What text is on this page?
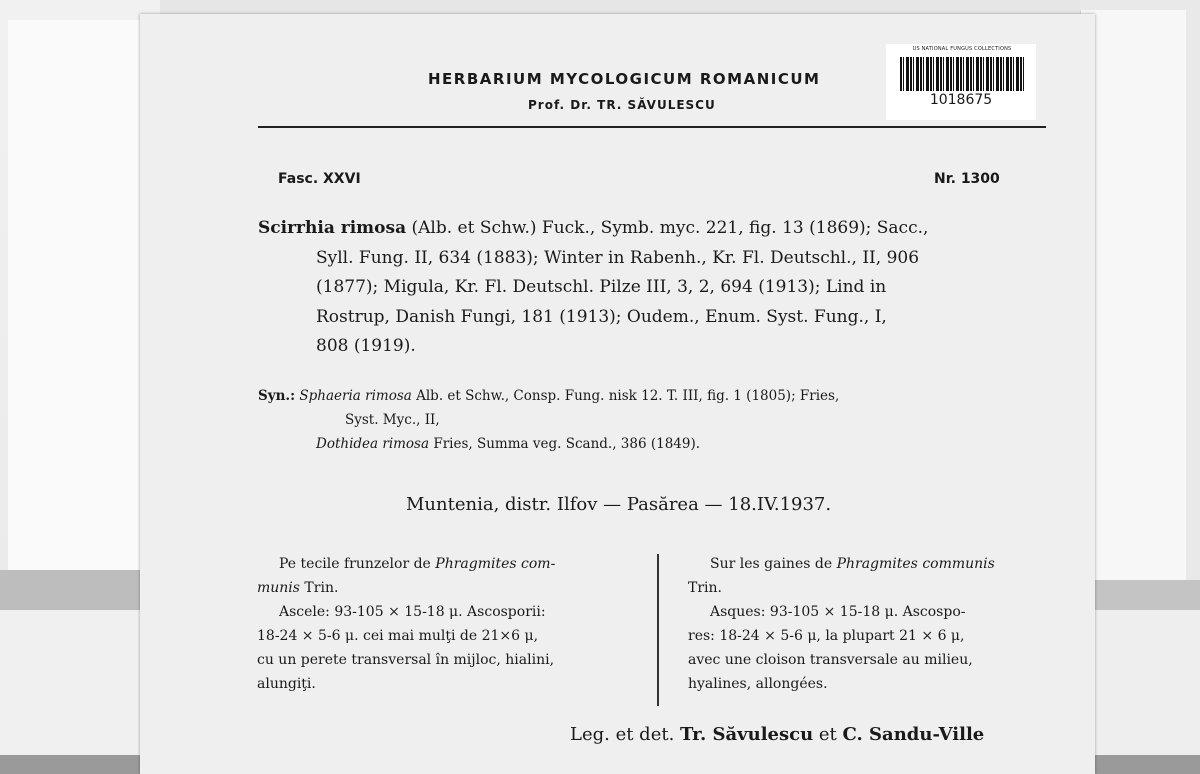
HERBARIUM MYCOLOGICUM ROMANICUM
Prof. Dr. TR. SĂVULESCU
US NATIONAL FUNGUS COLLECTIONS
1018675
Fasc. XXVI	Nr. 1300
Scirrhia rimosa (Alb. et Schw.) Fuck., Symb. myc. 221, fig. 13 (1869); Sacc.,
Syll. Fung. II, 634 (1883); Winter in Rabenh., Kr. Fl. Deutschl., II, 906
(1877); Migula, Kr. Fl. Deutschl. Pilze III, 3, 2, 694 (1913); Lind in
Rostrup, Danish Fungi, 181 (1913); Oudem., Enum. Syst. Fung., I,
808 (1919).
Syn.: Sphaeria rimosa Alb. et Schw., Consp. Fung. nisk 12. T. III, fig. 1 (1805); Fries,
Syst. Myc., II,
Dothidea rimosa Fries, Summa veg. Scand., 386 (1849).
Muntenia, distr. Ilfov — Pasărea — 18.IV.1937.
Pe tecile frunzelor de Phragmites com-
munis Trin.
Ascele: 93-105 × 15-18 μ. Ascosporii:
18-24 × 5-6 μ. cei mai mulţi de 21×6 μ,
cu un perete transversal în mijloc, hialini,
alungiţi.
Sur les gaines de Phragmites communis
Trin.
Asques: 93-105 × 15-18 μ. Ascospo-
res: 18-24 × 5-6 μ, la plupart 21 × 6 μ,
avec une cloison transversale au milieu,
hyalines, allongées.
Leg. et det. Tr. Săvulescu et C. Sandu-Ville
